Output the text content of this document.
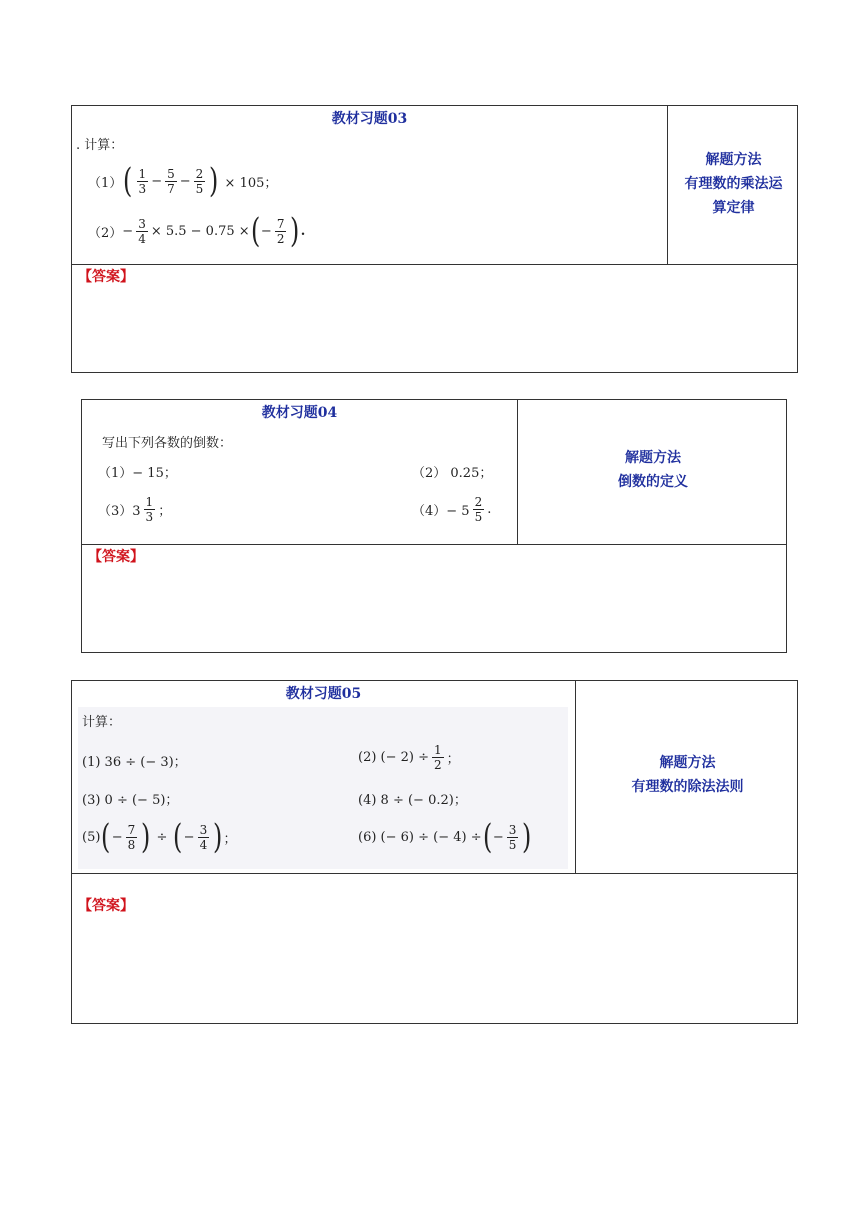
教材习题03
. 计算：
（1） ( $\frac{1}{3} - \frac{5}{7} - \frac{2}{5}$ ) × 105；
$(2) - \frac{3}{4} \times 5.5 - 0.75$ × ( − $\frac{7}{2}$ ) .
解题方法
有理数的乘法运
算定律
【答案】
教材习题04
写出下列各数的倒数：
（1）− 15；	（2） 0.25；
$(3)3 \frac{1}{3}$ ；	$(4)- 5 \frac{2}{5}$ .
解题方法
倒数的定义
【答案】
教材习题05
计算：
(1) 36 ÷ (− 3)；	(2) (− $2) \div \frac{1}{2}$ ；
(3) 0 ÷ (− 5)；	(4) 8 ÷ (− 0.2)；
(5) ( − $\frac{7}{8}$ ) ÷ ( − $\frac{3}{4}$ ) ；	(6) (− 6) ÷ (− 4) ÷ ( − $\frac{3}{5}$ )
解题方法
有理数的除法法则
【答案】
